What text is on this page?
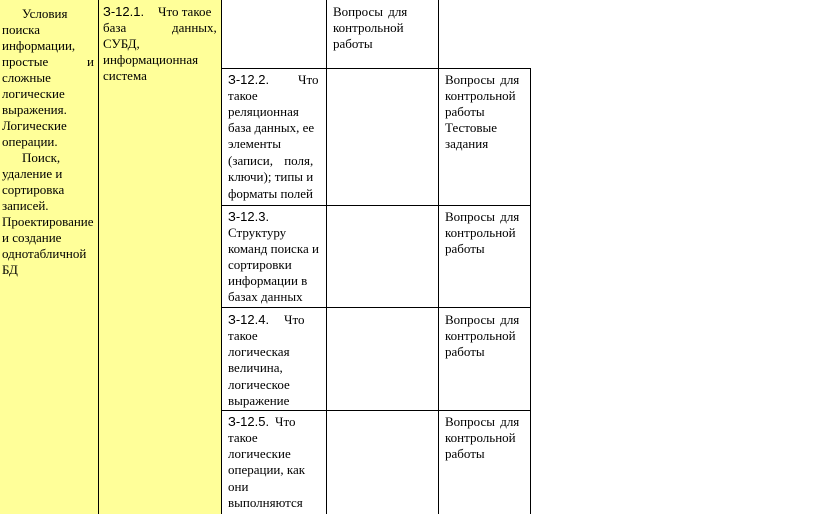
Условия
поиска
информации,
простые	и
сложные
логические
выражения.
Логические
операции.
Поиск,
удаление и
сортировка
записей.
Проектирование
и создание
однотабличной
БД
З-12.1. Что такое
база	данных,
СУБД,
информационная
система
Вопросы для
контрольной
работы
З-12.2. Что
такое
реляционная
база данных, ее
элементы
(записи, поля,
ключи); типы и
форматы полей
Вопросы для
контрольной
работы
Тестовые
задания
З-12.3.
Структуру
команд поиска и
сортировки
информации в
базах данных
Вопросы для
контрольной
работы
З-12.4. Что
такое
логическая
величина,
логическое
выражение
Вопросы для
контрольной
работы
З-12.5. Что
такое
логические
операции, как
они
выполняются
Вопросы для
контрольной
работы
